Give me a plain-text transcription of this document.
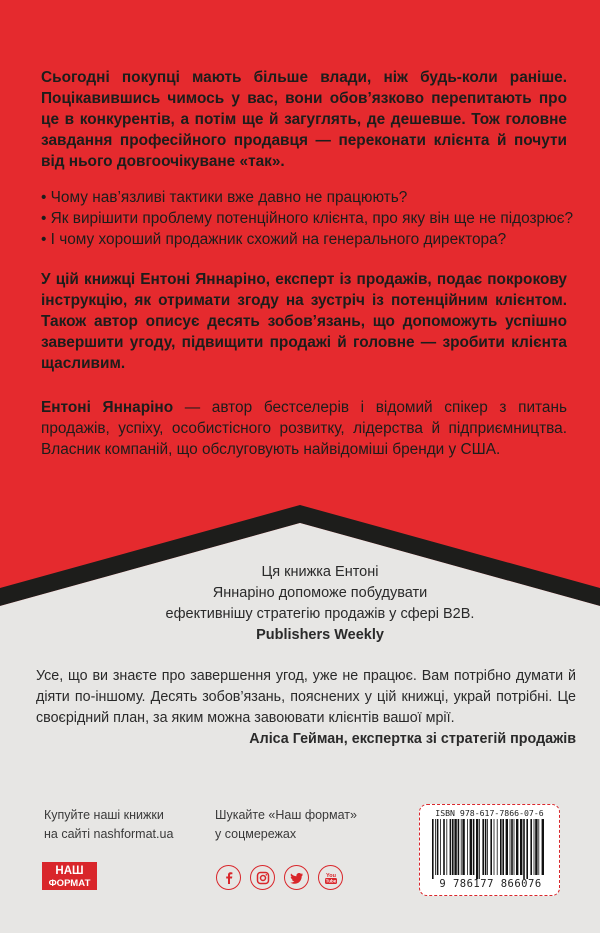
Сьогодні покупці мають більше влади, ніж будь-коли раніше. Поцікавившись чимось у вас, вони обов’язково перепитають про це в конкурентів, а потім ще й загуглять, де дешевше. Тож головне завдання професійного продавця — переконати клієнта й почути від нього довгоочікуване «так».
• Чому нав’язливі тактики вже давно не працюють?
• Як вирішити проблему потенційного клієнта, про яку він ще не підозрює?
• І чому хороший продажник схожий на генерального директора?
У цій книжці Ентоні Яннаріно, експерт із продажів, подає покрокову інструкцію, як отримати згоду на зустріч із потенційним клієнтом. Також автор описує десять зобов’язань, що допоможуть успішно завершити угоду, підвищити продажі й головне — зробити клієнта щасливим.
Ентоні Яннаріно — автор бестселерів і відомий спікер з питань продажів, успіху, особистісного розвитку, лідерства й підприємництва. Власник компаній, що обслуговують найвідоміші бренди у США.
Ця книжка Ентоні
Яннаріно допоможе побудувати
ефективнішу стратегію продажів у сфері B2B.
Publishers Weekly
Усе, що ви знаєте про завершення угод, уже не працює. Вам потрібно думати й діяти по-іншому. Десять зобов’язань, пояснених у цій книжці, украй потрібні. Це своєрідний план, за яким можна завоювати клієнтів вашої мрії.
Аліса Гейман, експертка зі стратегій продажів
Купуйте наші книжки
на сайті nashformat.ua
Шукайте «Наш формат»
у соцмережах
НАШ
ФОРМАТ
You
Tube
ISBN 978-617-7866-07-6
9 786177 866076
